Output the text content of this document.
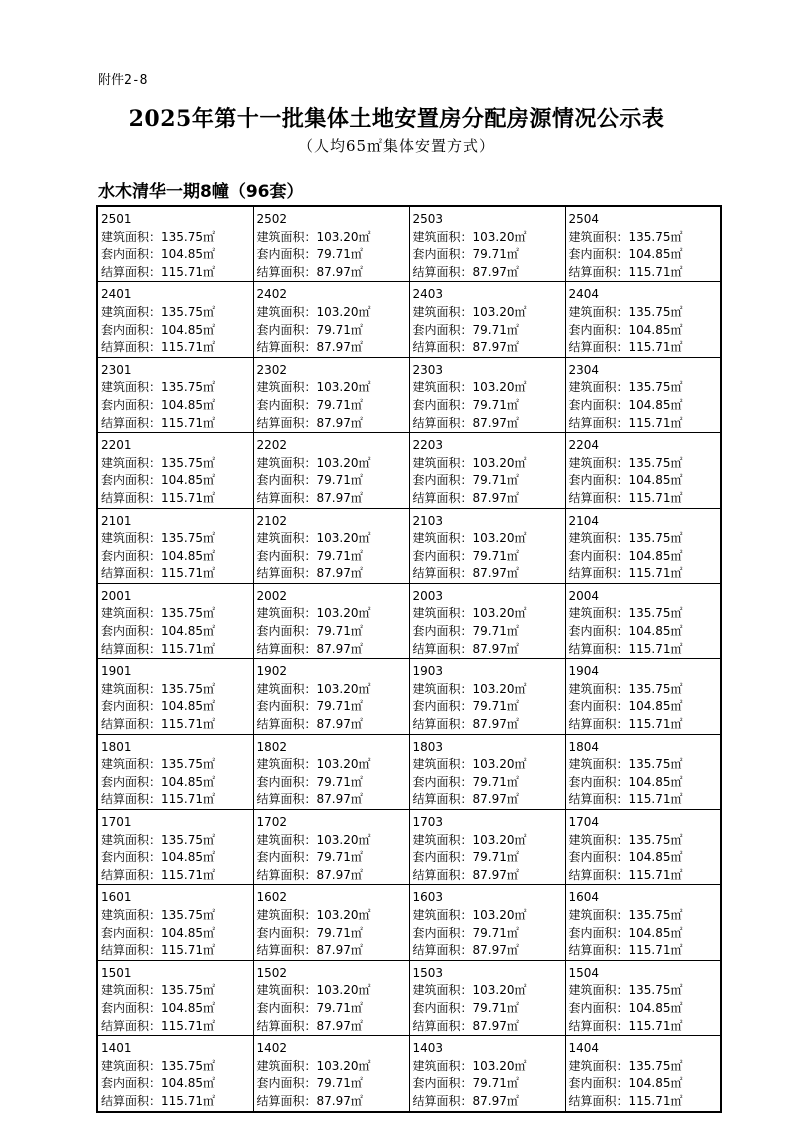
附件2-8
2025年第十一批集体土地安置房分配房源情况公示表
（人均65㎡集体安置方式）
水木清华一期8幢（96套）
2501
建筑面积：135.75㎡
套内面积：104.85㎡
结算面积：115.71㎡	2502
建筑面积：103.20㎡
套内面积：79.71㎡
结算面积：87.97㎡	2503
建筑面积：103.20㎡
套内面积：79.71㎡
结算面积：87.97㎡	2504
建筑面积：135.75㎡
套内面积：104.85㎡
结算面积：115.71㎡

2401
建筑面积：135.75㎡
套内面积：104.85㎡
结算面积：115.71㎡	2402
建筑面积：103.20㎡
套内面积：79.71㎡
结算面积：87.97㎡	2403
建筑面积：103.20㎡
套内面积：79.71㎡
结算面积：87.97㎡	2404
建筑面积：135.75㎡
套内面积：104.85㎡
结算面积：115.71㎡

2301
建筑面积：135.75㎡
套内面积：104.85㎡
结算面积：115.71㎡	2302
建筑面积：103.20㎡
套内面积：79.71㎡
结算面积：87.97㎡	2303
建筑面积：103.20㎡
套内面积：79.71㎡
结算面积：87.97㎡	2304
建筑面积：135.75㎡
套内面积：104.85㎡
结算面积：115.71㎡

2201
建筑面积：135.75㎡
套内面积：104.85㎡
结算面积：115.71㎡	2202
建筑面积：103.20㎡
套内面积：79.71㎡
结算面积：87.97㎡	2203
建筑面积：103.20㎡
套内面积：79.71㎡
结算面积：87.97㎡	2204
建筑面积：135.75㎡
套内面积：104.85㎡
结算面积：115.71㎡

2101
建筑面积：135.75㎡
套内面积：104.85㎡
结算面积：115.71㎡	2102
建筑面积：103.20㎡
套内面积：79.71㎡
结算面积：87.97㎡	2103
建筑面积：103.20㎡
套内面积：79.71㎡
结算面积：87.97㎡	2104
建筑面积：135.75㎡
套内面积：104.85㎡
结算面积：115.71㎡

2001
建筑面积：135.75㎡
套内面积：104.85㎡
结算面积：115.71㎡	2002
建筑面积：103.20㎡
套内面积：79.71㎡
结算面积：87.97㎡	2003
建筑面积：103.20㎡
套内面积：79.71㎡
结算面积：87.97㎡	2004
建筑面积：135.75㎡
套内面积：104.85㎡
结算面积：115.71㎡

1901
建筑面积：135.75㎡
套内面积：104.85㎡
结算面积：115.71㎡	1902
建筑面积：103.20㎡
套内面积：79.71㎡
结算面积：87.97㎡	1903
建筑面积：103.20㎡
套内面积：79.71㎡
结算面积：87.97㎡	1904
建筑面积：135.75㎡
套内面积：104.85㎡
结算面积：115.71㎡

1801
建筑面积：135.75㎡
套内面积：104.85㎡
结算面积：115.71㎡	1802
建筑面积：103.20㎡
套内面积：79.71㎡
结算面积：87.97㎡	1803
建筑面积：103.20㎡
套内面积：79.71㎡
结算面积：87.97㎡	1804
建筑面积：135.75㎡
套内面积：104.85㎡
结算面积：115.71㎡

1701
建筑面积：135.75㎡
套内面积：104.85㎡
结算面积：115.71㎡	1702
建筑面积：103.20㎡
套内面积：79.71㎡
结算面积：87.97㎡	1703
建筑面积：103.20㎡
套内面积：79.71㎡
结算面积：87.97㎡	1704
建筑面积：135.75㎡
套内面积：104.85㎡
结算面积：115.71㎡

1601
建筑面积：135.75㎡
套内面积：104.85㎡
结算面积：115.71㎡	1602
建筑面积：103.20㎡
套内面积：79.71㎡
结算面积：87.97㎡	1603
建筑面积：103.20㎡
套内面积：79.71㎡
结算面积：87.97㎡	1604
建筑面积：135.75㎡
套内面积：104.85㎡
结算面积：115.71㎡

1501
建筑面积：135.75㎡
套内面积：104.85㎡
结算面积：115.71㎡	1502
建筑面积：103.20㎡
套内面积：79.71㎡
结算面积：87.97㎡	1503
建筑面积：103.20㎡
套内面积：79.71㎡
结算面积：87.97㎡	1504
建筑面积：135.75㎡
套内面积：104.85㎡
结算面积：115.71㎡

1401
建筑面积：135.75㎡
套内面积：104.85㎡
结算面积：115.71㎡	1402
建筑面积：103.20㎡
套内面积：79.71㎡
结算面积：87.97㎡	1403
建筑面积：103.20㎡
套内面积：79.71㎡
结算面积：87.97㎡	1404
建筑面积：135.75㎡
套内面积：104.85㎡
结算面积：115.71㎡
